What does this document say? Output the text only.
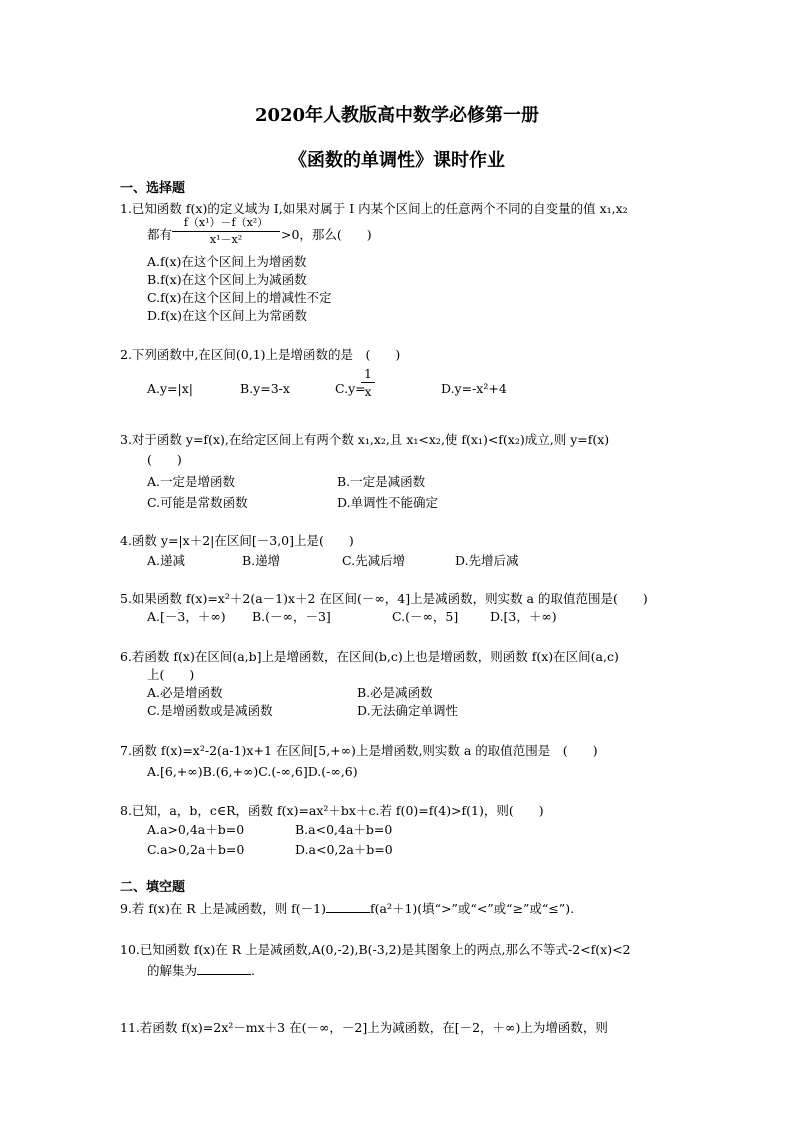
2020年人教版高中数学必修第一册
《函数的单调性》课时作业
一、选择题
1.已知函数 f(x)的定义域为 I,如果对属于 I 内某个区间上的任意两个不同的自变量的值 x₁,x₂
都有
f（x¹）－f（x²）
x¹－x²	>0，那么(　　)
A.f(x)在这个区间上为增函数
B.f(x)在这个区间上为减函数
C.f(x)在这个区间上的增减性不定
D.f(x)在这个区间上为常函数
2.下列函数中,在区间(0,1)上是增函数的是　(　　)
A.y=|x|	B.y=3-x	C.y=
1
x	D.y=-x²+4
3.对于函数 y=f(x),在给定区间上有两个数 x₁,x₂,且 x₁<x₂,使 f(x₁)<f(x₂)成立,则 y=f(x)
(　　)
A.一定是增函数	B.一定是减函数
C.可能是常数函数	D.单调性不能确定
4.函数 y=|x＋2|在区间[－3,0]上是(　　)
A.递减	B.递增	C.先减后增	D.先增后减
5.如果函数 f(x)=x²＋2(a－1)x＋2 在区间(－∞，4]上是减函数，则实数 a 的取值范围是(　　)
A.[－3，＋∞) B.(－∞，－3]	C.(－∞，5]	D.[3，＋∞)
6.若函数 f(x)在区间(a,b]上是增函数，在区间(b,c)上也是增函数，则函数 f(x)在区间(a,c)
上(　　)
A.必是增函数	B.必是减函数
C.是增函数或是减函数	D.无法确定单调性
7.函数 f(x)=x²-2(a-1)x+1 在区间[5,+∞)上是增函数,则实数 a 的取值范围是　(　　)
A.[6,+∞)B.(6,+∞)C.(-∞,6]D.(-∞,6)
8.已知，a，b，c∈R，函数 f(x)=ax²＋bx＋c.若 f(0)=f(4)>f(1)，则(　　)
A.a>0,4a＋b=0	B.a<0,4a＋b=0
C.a>0,2a＋b=0	D.a<0,2a＋b=0
二、填空题
9.若 f(x)在 R 上是减函数，则 f(－1)	f(a²＋1)(填“>”或“<”或“≥”或“≤”).
10.已知函数 f(x)在 R 上是减函数,A(0,-2),B(-3,2)是其图象上的两点,那么不等式-2<f(x)<2
的解集为	.
11.若函数 f(x)=2x²－mx＋3 在(－∞，－2]上为减函数，在[－2，＋∞)上为增函数，则
